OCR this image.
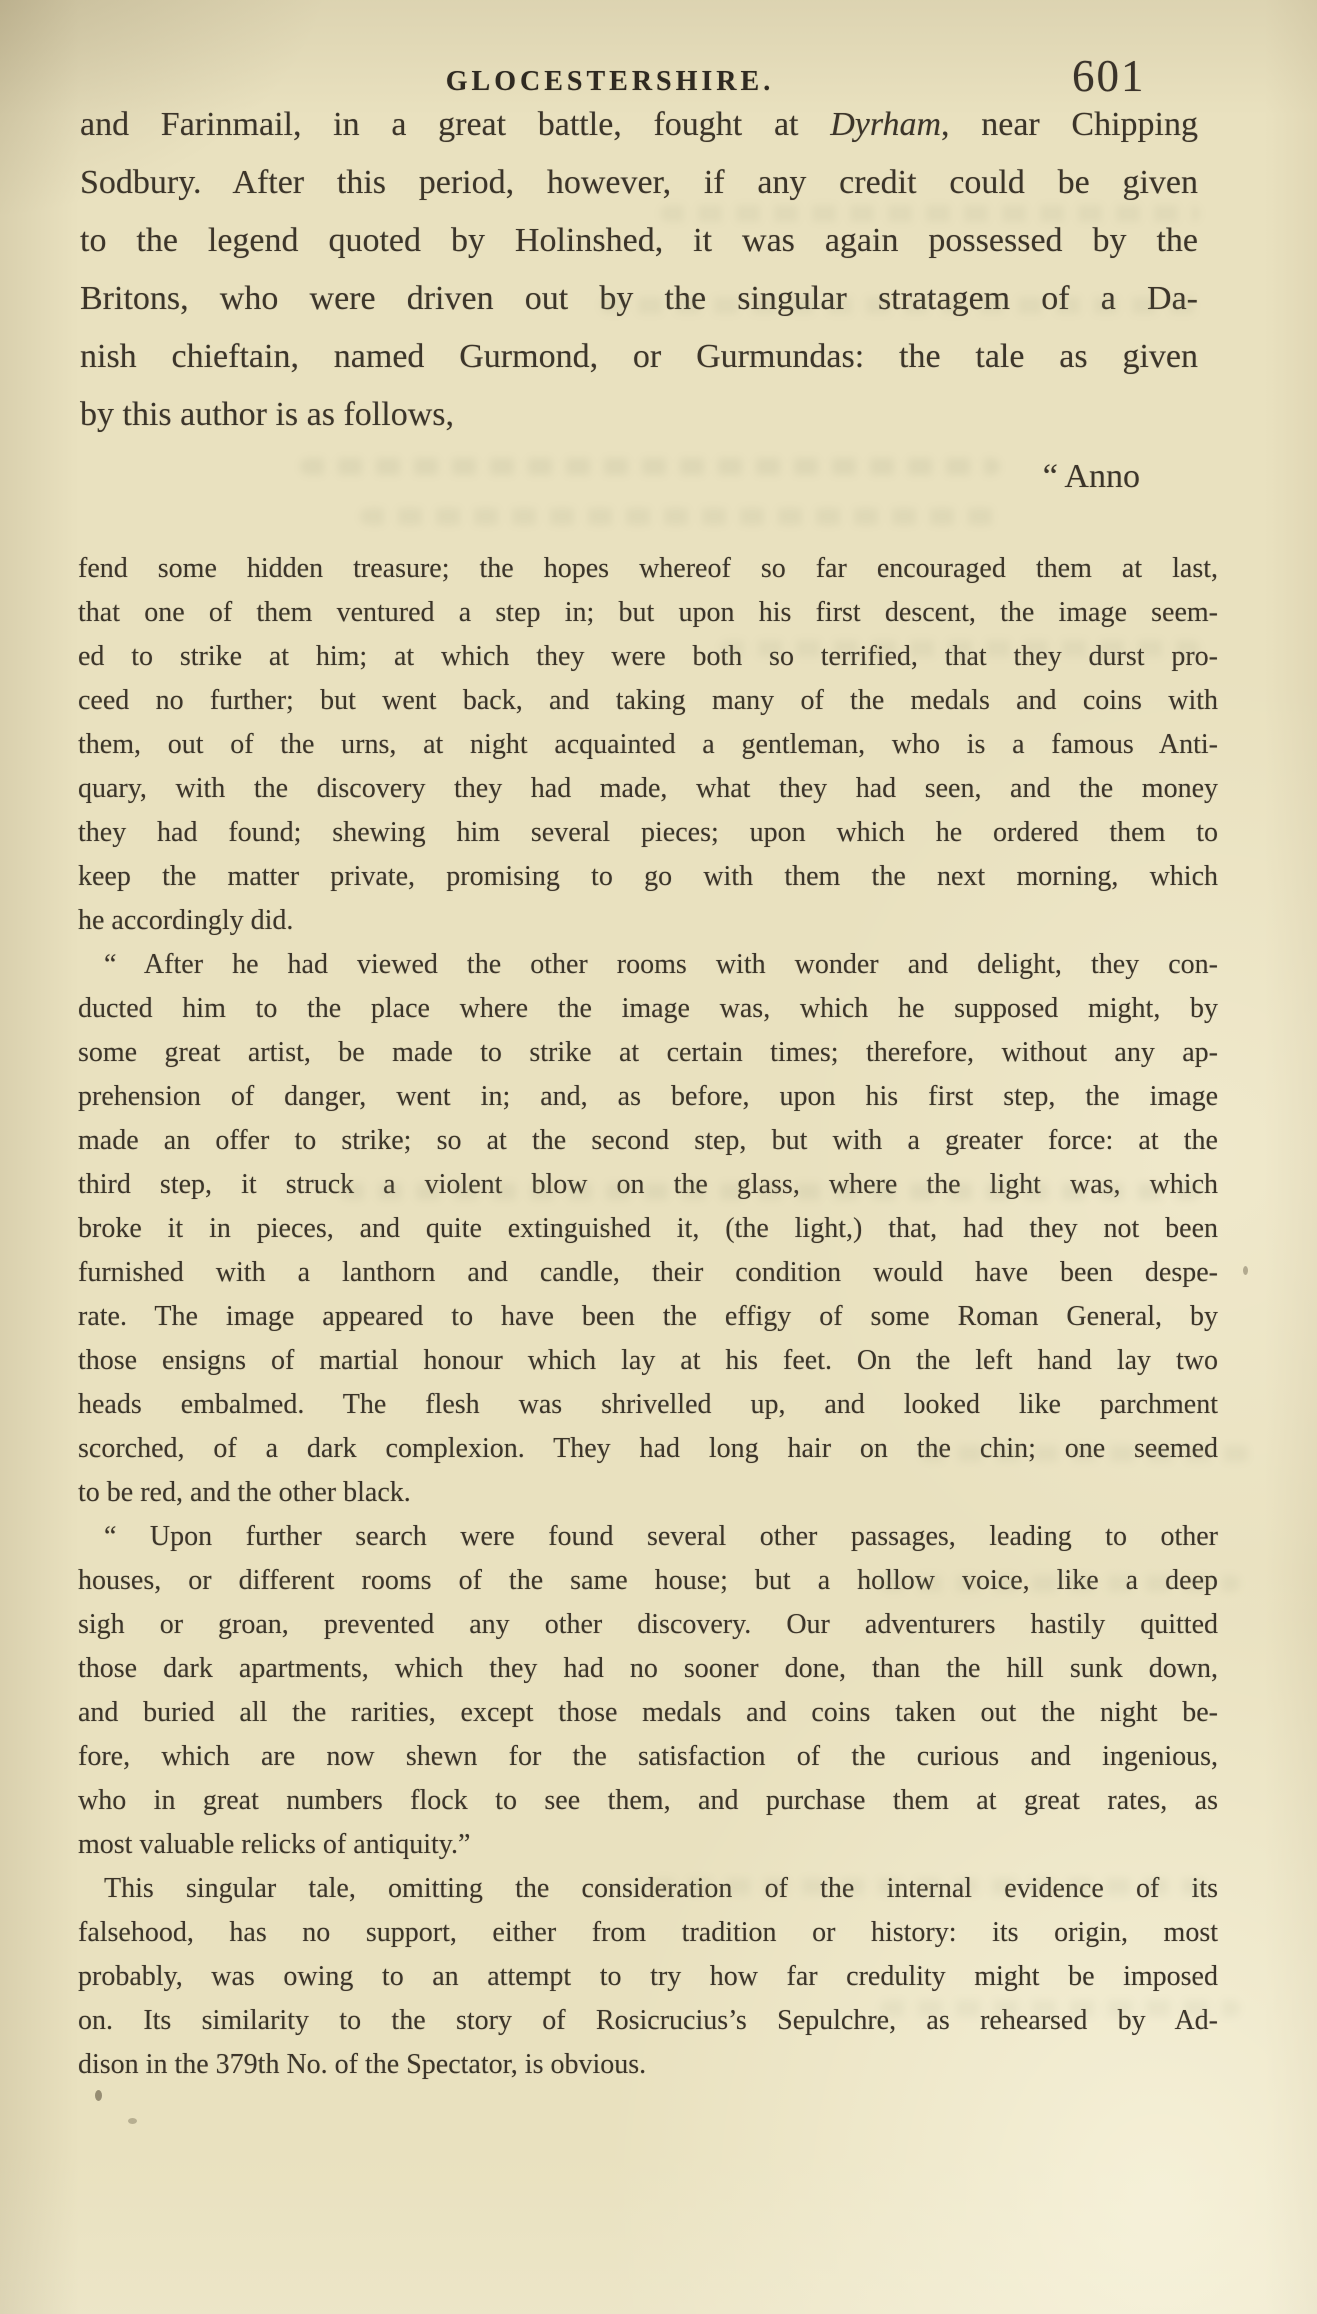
GLOCESTERSHIRE.	601
and Farinmail, in a great battle, fought at Dyrham, near Chipping
Sodbury. After this period, however, if any credit could be given
to the legend quoted by Holinshed, it was again possessed by the
Britons, who were driven out by the singular stratagem of a Da-
nish chieftain, named Gurmond, or Gurmundas: the tale as given
by this author is as follows,
“ Anno
fend some hidden treasure; the hopes whereof so far encouraged them at last,
that one of them ventured a step in; but upon his first descent, the image seem-
ed to strike at him; at which they were both so terrified, that they durst pro-
ceed no further; but went back, and taking many of the medals and coins with
them, out of the urns, at night acquainted a gentleman, who is a famous Anti-
quary, with the discovery they had made, what they had seen, and the money
they had found; shewing him several pieces; upon which he ordered them to
keep the matter private, promising to go with them the next morning, which
he accordingly did.
“ After he had viewed the other rooms with wonder and delight, they con-
ducted him to the place where the image was, which he supposed might, by
some great artist, be made to strike at certain times; therefore, without any ap-
prehension of danger, went in; and, as before, upon his first step, the image
made an offer to strike; so at the second step, but with a greater force: at the
third step, it struck a violent blow on the glass, where the light was, which
broke it in pieces, and quite extinguished it, (the light,) that, had they not been
furnished with a lanthorn and candle, their condition would have been despe-
rate. The image appeared to have been the effigy of some Roman General, by
those ensigns of martial honour which lay at his feet. On the left hand lay two
heads embalmed. The flesh was shrivelled up, and looked like parchment
scorched, of a dark complexion. They had long hair on the chin; one seemed
to be red, and the other black.
“ Upon further search were found several other passages, leading to other
houses, or different rooms of the same house; but a hollow voice, like a deep
sigh or groan, prevented any other discovery. Our adventurers hastily quitted
those dark apartments, which they had no sooner done, than the hill sunk down,
and buried all the rarities, except those medals and coins taken out the night be-
fore, which are now shewn for the satisfaction of the curious and ingenious,
who in great numbers flock to see them, and purchase them at great rates, as
most valuable relicks of antiquity.”
This singular tale, omitting the consideration of the internal evidence of its
falsehood, has no support, either from tradition or history: its origin, most
probably, was owing to an attempt to try how far credulity might be imposed
on. Its similarity to the story of Rosicrucius’s Sepulchre, as rehearsed by Ad-
dison in the 379th No. of the Spectator, is obvious.
